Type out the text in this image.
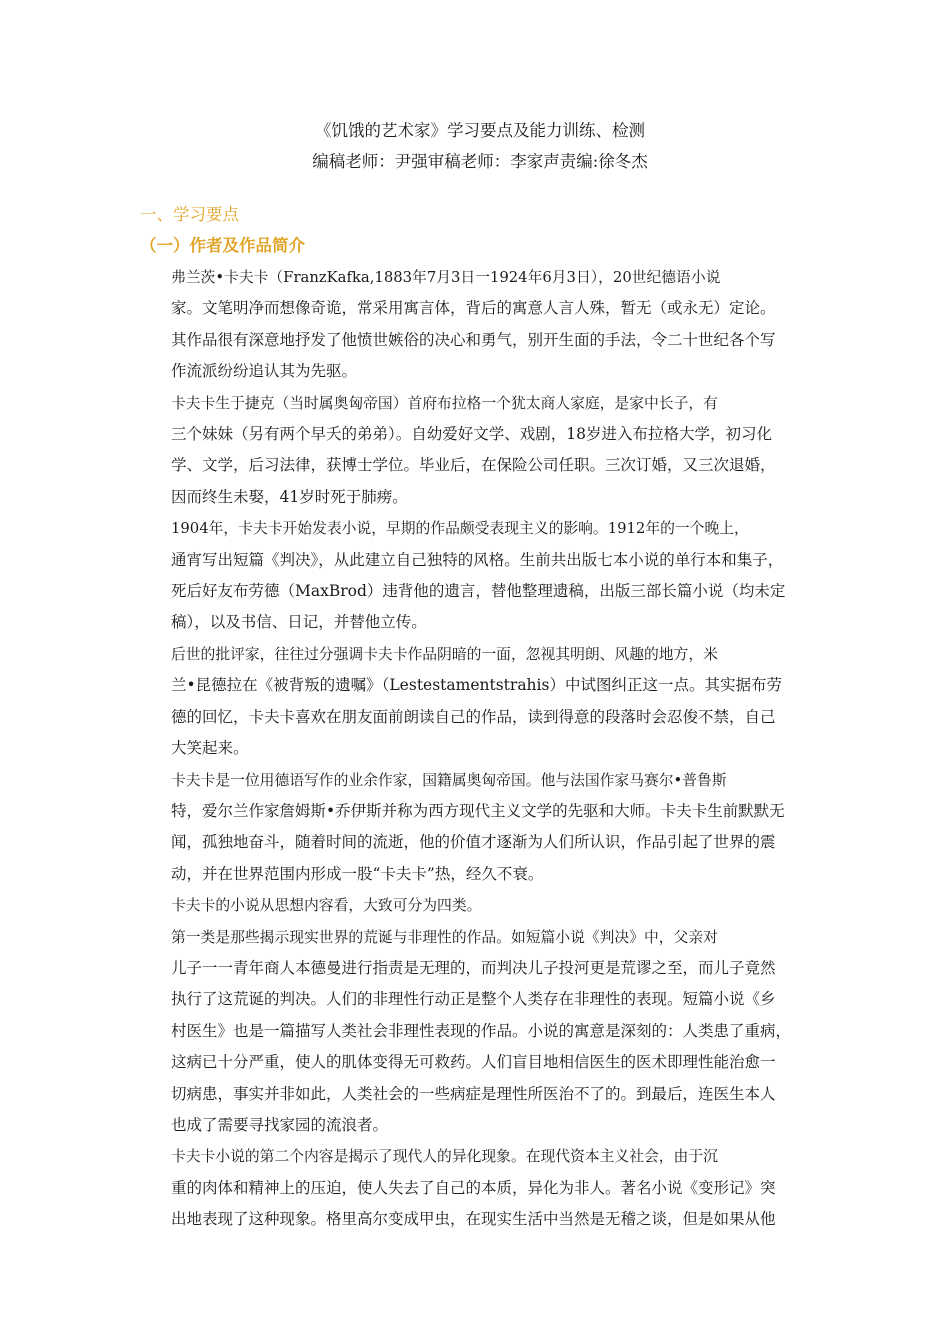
《饥饿的艺术家》学习要点及能力训练、检测
编稿老师：尹强审稿老师：李家声责编:徐冬杰
一、学习要点
（一）作者及作品简介

弗兰茨•卡夫卡（FranzKafka,1883年7月3日一1924年6月3日），20世纪德语小说
家。文笔明净而想像奇诡，常采用寓言体，背后的寓意人言人殊，暂无（或永无）定论。
其作品很有深意地抒发了他愤世嫉俗的决心和勇气，别开生面的手法，令二十世纪各个写
作流派纷纷追认其为先驱。

卡夫卡生于捷克（当时属奥匈帝国）首府布拉格一个犹太商人家庭，是家中长子，有
三个妹妹（另有两个早夭的弟弟）。自幼爱好文学、戏剧，18岁进入布拉格大学，初习化
学、文学，后习法律，获博士学位。毕业后，在保险公司任职。三次订婚，又三次退婚，
因而终生未娶，41岁时死于肺痨。

1904年，卡夫卡开始发表小说，早期的作品颇受表现主义的影响。1912年的一个晚上，
通宵写出短篇《判决》，从此建立自己独特的风格。生前共出版七本小说的单行本和集子，
死后好友布劳德（MaxBrod）违背他的遗言，替他整理遗稿，出版三部长篇小说（均未定
稿），以及书信、日记，并替他立传。

后世的批评家，往往过分强调卡夫卡作品阴暗的一面，忽视其明朗、风趣的地方，米
兰•昆德拉在《被背叛的遗嘱》（Lestestamentstrahis）中试图纠正这一点。其实据布劳
德的回忆，卡夫卡喜欢在朋友面前朗读自己的作品，读到得意的段落时会忍俊不禁，自己
大笑起来。

卡夫卡是一位用德语写作的业余作家，国籍属奥匈帝国。他与法国作家马赛尔•普鲁斯
特，爱尔兰作家詹姆斯•乔伊斯并称为西方现代主义文学的先驱和大师。卡夫卡生前默默无
闻，孤独地奋斗，随着时间的流逝，他的价值才逐渐为人们所认识，作品引起了世界的震
动，并在世界范围内形成一股“卡夫卡”热，经久不衰。

卡夫卡的小说从思想内容看，大致可分为四类。

第一类是那些揭示现实世界的荒诞与非理性的作品。如短篇小说《判决》中，父亲对
儿子一一青年商人本德曼进行指责是无理的，而判决儿子投河更是荒谬之至，而儿子竟然
执行了这荒诞的判决。人们的非理性行动正是整个人类存在非理性的表现。短篇小说《乡
村医生》也是一篇描写人类社会非理性表现的作品。小说的寓意是深刻的：人类患了重病，
这病已十分严重，使人的肌体变得无可救药。人们盲目地相信医生的医术即理性能治愈一
切病患，事实并非如此，人类社会的一些病症是理性所医治不了的。到最后，连医生本人
也成了需要寻找家园的流浪者。

卡夫卡小说的第二个内容是揭示了现代人的异化现象。在现代资本主义社会，由于沉
重的肉体和精神上的压迫，使人失去了自己的本质，异化为非人。著名小说《变形记》突
出地表现了这种现象。格里高尔变成甲虫，在现实生活中当然是无稽之谈，但是如果从他
